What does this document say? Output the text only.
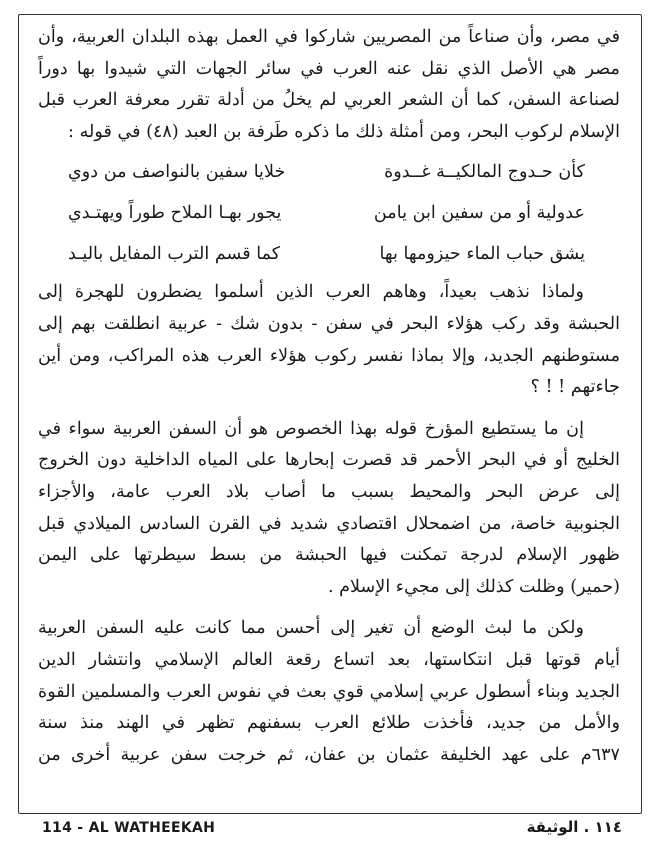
في مصر، وأن صناعاً من المصريين شاركوا في العمل بهذه البلدان العربية، وأن
مصر هي الأصل الذي نقل عنه العرب في سائر الجهات التي شيدوا بها دوراً
لصناعة السفن، كما أن الشعر العربي لم يخلُ من أدلة تقرر معرفة العرب قبل
الإسلام لركوب البحر، ومن أمثلة ذلك ما ذكره طَرفة بن العبد (٤٨) في قوله :
كأن حـدوج المالكيــة غــدوة
خلايا سفين بالنواصف من دوي
عدولية أو من سفين ابن يامن
يجور بهـا الملاح طوراً ويهتـدي
يشق حباب الماء حيزومها بها
كما قسم الترب المفايل باليـد
ولماذا نذهب بعيداً، وهاهم العرب الذين أسلموا يضطرون للهجرة إلى
الحبشة وقد ركب هؤلاء البحر في سفن - بدون شك - عربية انطلقت بهم إلى
مستوطنهم الجديد، وإلا بماذا نفسر ركوب هؤلاء العرب هذه المراكب، ومن أين
جاءتهم ! ! ؟
إن ما يستطيع المؤرخ قوله بهذا الخصوص هو أن السفن العربية سواء في
الخليج أو في البحر الأحمر قد قصرت إبحارها على المياه الداخلية دون الخروج
إلى عرض البحر والمحيط بسبب ما أصاب بلاد العرب عامة، والأجزاء
الجنوبية خاصة، من اضمحلال اقتصادي شديد في القرن السادس الميلادي قبل
ظهور الإسلام لدرجة تمكنت فيها الحبشة من بسط سيطرتها على اليمن
(حمير) وظلت كذلك إلى مجيء الإسلام .
ولكن ما لبث الوضع أن تغير إلى أحسن مما كانت عليه السفن العربية
أيام قوتها قبل انتكاستها، بعد اتساع رقعة العالم الإسلامي وانتشار الدين
الجديد وبناء أسطول عربي إسلامي قوي بعث في نفوس العرب والمسلمين القوة
والأمل من جديد، فأخذت طلائع العرب بسفنهم تظهر في الهند منذ سنة
٦٣٧م على عهد الخليفة عثمان بن عفان، ثم خرجت سفن عربية أخرى من
114 - AL WATHEEKAH	١١٤ . الوثيقة
